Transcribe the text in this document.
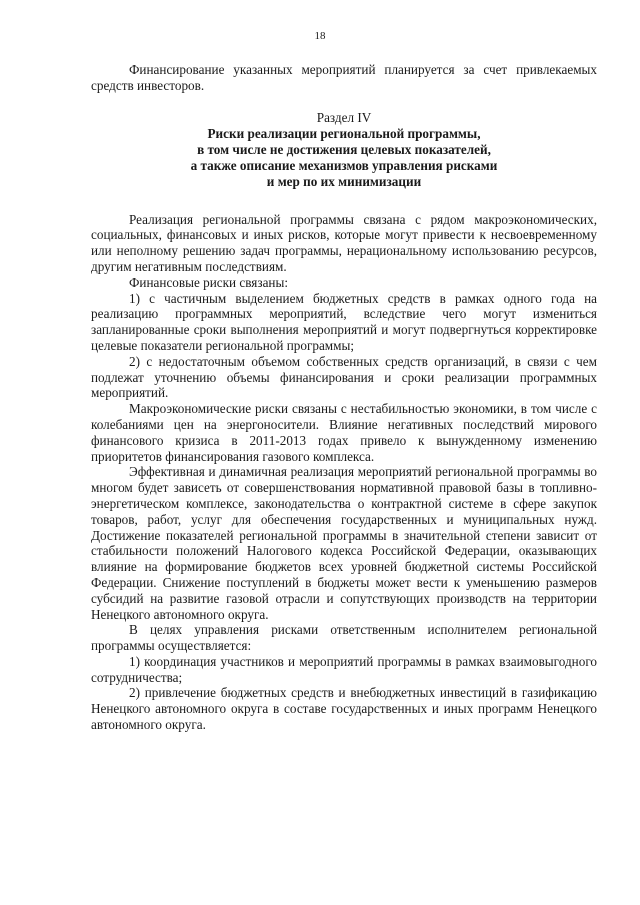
18

Финансирование указанных мероприятий планируется за счет привлекаемых средств инвесторов.

Раздел IV
Риски реализации региональной программы,
в том числе не достижения целевых показателей,
а также описание механизмов управления рисками
и мер по их минимизации

Реализация региональной программы связана с рядом макроэкономических, социальных, финансовых и иных рисков, которые могут привести к несвоевременному или неполному решению задач программы, нерациональному использованию ресурсов, другим негативным последствиям.

Финансовые риски связаны:

1) с частичным выделением бюджетных средств в рамках одного года на реализацию программных мероприятий, вследствие чего могут измениться запланированные сроки выполнения мероприятий и могут подвергнуться корректировке целевые показатели региональной программы;

2) с недостаточным объемом собственных средств организаций, в связи с чем подлежат уточнению объемы финансирования и сроки реализации программных мероприятий.

Макроэкономические риски связаны с нестабильностью экономики, в том числе с колебаниями цен на энергоносители. Влияние негативных последствий мирового финансового кризиса в 2011-2013 годах привело к вынужденному изменению приоритетов финансирования газового комплекса.

Эффективная и динамичная реализация мероприятий региональной программы во многом будет зависеть от совершенствования нормативной правовой базы в топливно-энергетическом комплексе, законодательства о контрактной системе в сфере закупок товаров, работ, услуг для обеспечения государственных и муниципальных нужд. Достижение показателей региональной программы в значительной степени зависит от стабильности положений Налогового кодекса Российской Федерации, оказывающих влияние на формирование бюджетов всех уровней бюджетной системы Российской Федерации. Снижение поступлений в бюджеты может вести к уменьшению размеров субсидий на развитие газовой отрасли и сопутствующих производств на территории Ненецкого автономного округа.

В целях управления рисками ответственным исполнителем региональной программы осуществляется:

1) координация участников и мероприятий программы в рамках взаимовыгодного сотрудничества;

2) привлечение бюджетных средств и внебюджетных инвестиций в газификацию Ненецкого автономного округа в составе государственных и иных программ Ненецкого автономного округа.
